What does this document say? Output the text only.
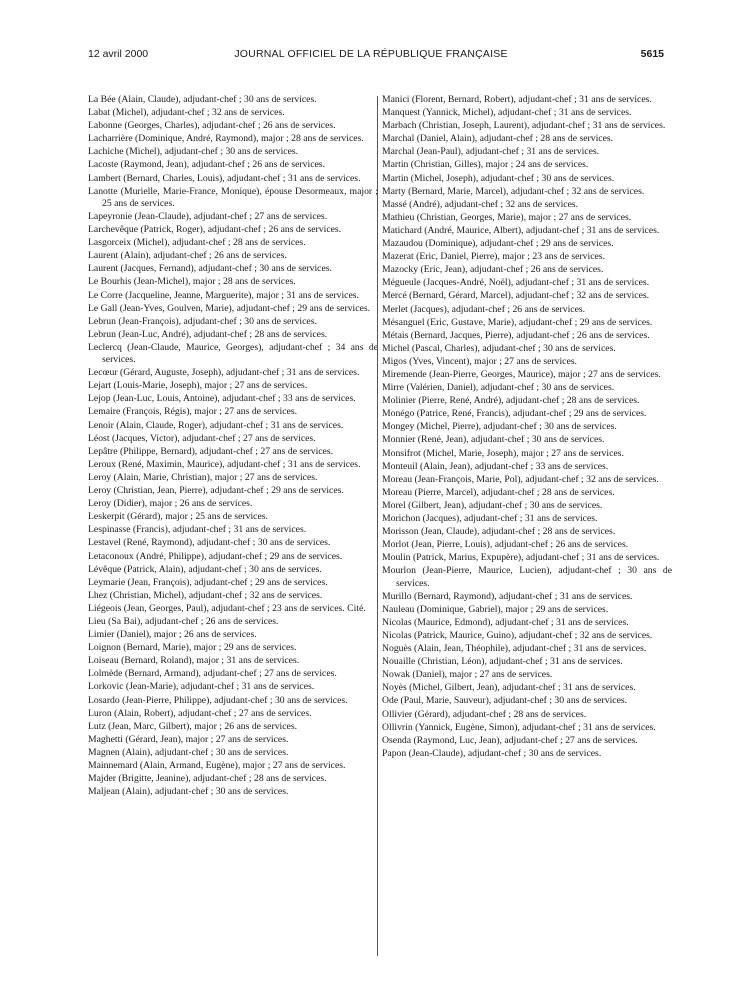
12 avril 2000	JOURNAL OFFICIEL DE LA RÉPUBLIQUE FRANÇAISE	5615
La Bée (Alain, Claude), adjudant-chef ; 30 ans de services.
Labat (Michel), adjudant-chef ; 32 ans de services.
Labonne (Georges, Charles), adjudant-chef ; 26 ans de services.
Lacharrière (Dominique, André, Raymond), major ; 28 ans de services.
Lachiche (Michel), adjudant-chef ; 30 ans de services.
Lacoste (Raymond, Jean), adjudant-chef ; 26 ans de services.
Lambert (Bernard, Charles, Louis), adjudant-chef ; 31 ans de services.
Lanotte (Murielle, Marie-France, Monique), épouse Desormeaux, major ; 25 ans de services.
Lapeyronie (Jean-Claude), adjudant-chef ; 27 ans de services.
Larchevêque (Patrick, Roger), adjudant-chef ; 26 ans de services.
Lasgorceix (Michel), adjudant-chef ; 28 ans de services.
Laurent (Alain), adjudant-chef ; 26 ans de services.
Laurent (Jacques, Fernand), adjudant-chef ; 30 ans de services.
Le Bourhis (Jean-Michel), major ; 28 ans de services.
Le Corre (Jacqueline, Jeanne, Marguerite), major ; 31 ans de services.
Le Gall (Jean-Yves, Goulven, Marie), adjudant-chef ; 29 ans de services.
Lebrun (Jean-François), adjudant-chef ; 30 ans de services.
Lebrun (Jean-Luc, André), adjudant-chef ; 28 ans de services.
Leclercq (Jean-Claude, Maurice, Georges), adjudant-chef ; 34 ans de services.
Lecœur (Gérard, Auguste, Joseph), adjudant-chef ; 31 ans de services.
Lejart (Louis-Marie, Joseph), major ; 27 ans de services.
Lejop (Jean-Luc, Louis, Antoine), adjudant-chef ; 33 ans de services.
Lemaire (François, Régis), major ; 27 ans de services.
Lenoir (Alain, Claude, Roger), adjudant-chef ; 31 ans de services.
Léost (Jacques, Victor), adjudant-chef ; 27 ans de services.
Lepâtre (Philippe, Bernard), adjudant-chef ; 27 ans de services.
Leroux (René, Maximin, Maurice), adjudant-chef ; 31 ans de services.
Leroy (Alain, Marie, Christian), major ; 27 ans de services.
Leroy (Christian, Jean, Pierre), adjudant-chef ; 29 ans de services.
Leroy (Didier), major ; 26 ans de services.
Leskerpit (Gérard), major ; 25 ans de services.
Lespinasse (Francis), adjudant-chef ; 31 ans de services.
Lestavel (René, Raymond), adjudant-chef ; 30 ans de services.
Letaconoux (André, Philippe), adjudant-chef ; 29 ans de services.
Lévêque (Patrick, Alain), adjudant-chef ; 30 ans de services.
Leymarie (Jean, François), adjudant-chef ; 29 ans de services.
Lhez (Christian, Michel), adjudant-chef ; 32 ans de services.
Liégeois (Jean, Georges, Paul), adjudant-chef ; 23 ans de services. Cité.
Lieu (Sa Bai), adjudant-chef ; 26 ans de services.
Limier (Daniel), major ; 26 ans de services.
Loignon (Bernard, Marie), major ; 29 ans de services.
Loiseau (Bernard, Roland), major ; 31 ans de services.
Lolmède (Bernard, Armand), adjudant-chef ; 27 ans de services.
Lorkovic (Jean-Marie), adjudant-chef ; 31 ans de services.
Losardo (Jean-Pierre, Philippe), adjudant-chef ; 30 ans de services.
Luron (Alain, Robert), adjudant-chef ; 27 ans de services.
Lutz (Jean, Marc, Gilbert), major ; 26 ans de services.
Maghetti (Gérard, Jean), major ; 27 ans de services.
Magnen (Alain), adjudant-chef ; 30 ans de services.
Mainnemard (Alain, Armand, Eugène), major ; 27 ans de services.
Majder (Brigitte, Jeanine), adjudant-chef ; 28 ans de services.
Maljean (Alain), adjudant-chef ; 30 ans de services.
Manici (Florent, Bernard, Robert), adjudant-chef ; 31 ans de services.
Manquest (Yannick, Michel), adjudant-chef ; 31 ans de services.
Marbach (Christian, Joseph, Laurent), adjudant-chef ; 31 ans de services.
Marchal (Daniel, Alain), adjudant-chef ; 28 ans de services.
Marchal (Jean-Paul), adjudant-chef ; 31 ans de services.
Martin (Christian, Gilles), major ; 24 ans de services.
Martin (Michel, Joseph), adjudant-chef ; 30 ans de services.
Marty (Bernard, Marie, Marcel), adjudant-chef ; 32 ans de services.
Massé (André), adjudant-chef ; 32 ans de services.
Mathieu (Christian, Georges, Marie), major ; 27 ans de services.
Matichard (André, Maurice, Albert), adjudant-chef ; 31 ans de services.
Mazaudou (Dominique), adjudant-chef ; 29 ans de services.
Mazerat (Eric, Daniel, Pierre), major ; 23 ans de services.
Mazocky (Eric, Jean), adjudant-chef ; 26 ans de services.
Mégueule (Jacques-André, Noël), adjudant-chef ; 31 ans de services.
Mercé (Bernard, Gérard, Marcel), adjudant-chef ; 32 ans de services.
Merlet (Jacques), adjudant-chef ; 26 ans de services.
Mésanguel (Eric, Gustave, Marie), adjudant-chef ; 29 ans de services.
Métais (Bernard, Jacques, Pierre), adjudant-chef ; 26 ans de services.
Michel (Pascal, Charles), adjudant-chef ; 30 ans de services.
Migos (Yves, Vincent), major ; 27 ans de services.
Miremende (Jean-Pierre, Georges, Maurice), major ; 27 ans de services.
Mirre (Valérien, Daniel), adjudant-chef ; 30 ans de services.
Molinier (Pierre, René, André), adjudant-chef ; 28 ans de services.
Monégo (Patrice, René, Francis), adjudant-chef ; 29 ans de services.
Mongey (Michel, Pierre), adjudant-chef ; 30 ans de services.
Monnier (René, Jean), adjudant-chef ; 30 ans de services.
Monsifrot (Michel, Marie, Joseph), major ; 27 ans de services.
Monteuil (Alain, Jean), adjudant-chef ; 33 ans de services.
Moreau (Jean-François, Marie, Pol), adjudant-chef ; 32 ans de services.
Moreau (Pierre, Marcel), adjudant-chef ; 28 ans de services.
Morel (Gilbert, Jean), adjudant-chef ; 30 ans de services.
Morichon (Jacques), adjudant-chef ; 31 ans de services.
Morisson (Jean, Claude), adjudant-chef ; 28 ans de services.
Morlot (Jean, Pierre, Louis), adjudant-chef ; 26 ans de services.
Moulin (Patrick, Marius, Expupère), adjudant-chef ; 31 ans de services.
Mourlon (Jean-Pierre, Maurice, Lucien), adjudant-chef ; 30 ans de services.
Murillo (Bernard, Raymond), adjudant-chef ; 31 ans de services.
Nauleau (Dominique, Gabriel), major ; 29 ans de services.
Nicolas (Maurice, Edmond), adjudant-chef ; 31 ans de services.
Nicolas (Patrick, Maurice, Guino), adjudant-chef ; 32 ans de services.
Noguès (Alain, Jean, Théophile), adjudant-chef ; 31 ans de services.
Nouaille (Christian, Léon), adjudant-chef ; 31 ans de services.
Nowak (Daniel), major ; 27 ans de services.
Noyès (Michel, Gilbert, Jean), adjudant-chef ; 31 ans de services.
Ode (Paul, Marie, Sauveur), adjudant-chef ; 30 ans de services.
Ollivier (Gérard), adjudant-chef ; 28 ans de services.
Ollivrin (Yannick, Eugène, Simon), adjudant-chef ; 31 ans de services.
Osenda (Raymond, Luc, Jean), adjudant-chef ; 27 ans de services.
Papon (Jean-Claude), adjudant-chef ; 30 ans de services.
